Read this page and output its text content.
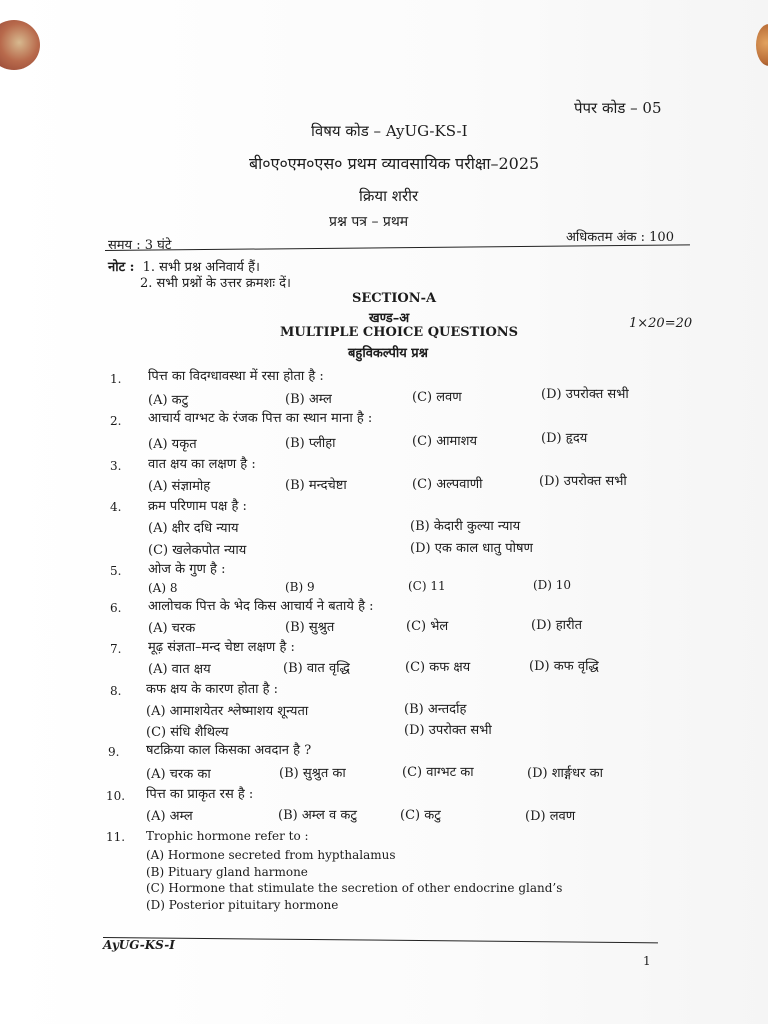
पेपर कोड – 05
विषय कोड – AyUG-KS-I
बी०ए०एम०एस० प्रथम व्यावसायिक परीक्षा–2025
क्रिया शरीर
प्रश्न पत्र – प्रथम
समय : 3 घंटे
अधिकतम अंक : 100
नोट : 1. सभी प्रश्न अनिवार्य हैं।
2. सभी प्रश्नों के उत्तर क्रमशः दें।
SECTION-A
खण्ड–अ
MULTIPLE CHOICE QUESTIONS
बहुविकल्पीय प्रश्न
1×20=20
1. पित्त का विदग्धावस्था में रसा होता है :
(A) कटु	(B) अम्ल	(C) लवण	(D) उपरोक्त सभी
2. आचार्य वाग्भट के रंजक पित्त का स्थान माना है :
(A) यकृत	(B) प्लीहा	(C) आमाशय	(D) हृदय
3. वात क्षय का लक्षण है :
(A) संज्ञामोह	(B) मन्दचेष्टा	(C) अल्पवाणी	(D) उपरोक्त सभी
4. क्रम परिणाम पक्ष है :
(A) क्षीर दधि न्याय	(B) केदारी कुल्या न्याय
(C) खलेकपोत न्याय	(D) एक काल धातु पोषण
5. ओज के गुण है :
(A) 8	(B) 9	(C) 11	(D) 10
6. आलोचक पित्त के भेद किस आचार्य ने बताये है :
(A) चरक	(B) सुश्रुत	(C) भेल	(D) हारीत
7. मूढ़ संज्ञता–मन्द चेष्टा लक्षण है :
(A) वात क्षय	(B) वात वृद्धि	(C) कफ क्षय	(D) कफ वृद्धि
8. कफ क्षय के कारण होता है :
(A) आमाशयेतर श्लेष्माशय शून्यता	(B) अन्तर्दाह
(C) संधि शैथिल्य	(D) उपरोक्त सभी
9. षटक्रिया काल किसका अवदान है ?
(A) चरक का	(B) सुश्रुत का	(C) वाग्भट का	(D) शार्ङ्गधर का
10. पित्त का प्राकृत रस है :
(A) अम्ल	(B) अम्ल व कटु	(C) कटु	(D) लवण
11. Trophic hormone refer to :
(A) Hormone secreted from hypthalamus
(B) Pituary gland harmone
(C) Hormone that stimulate the secretion of other endocrine gland’s
(D) Posterior pituitary hormone
AyUG-KS-I
1
